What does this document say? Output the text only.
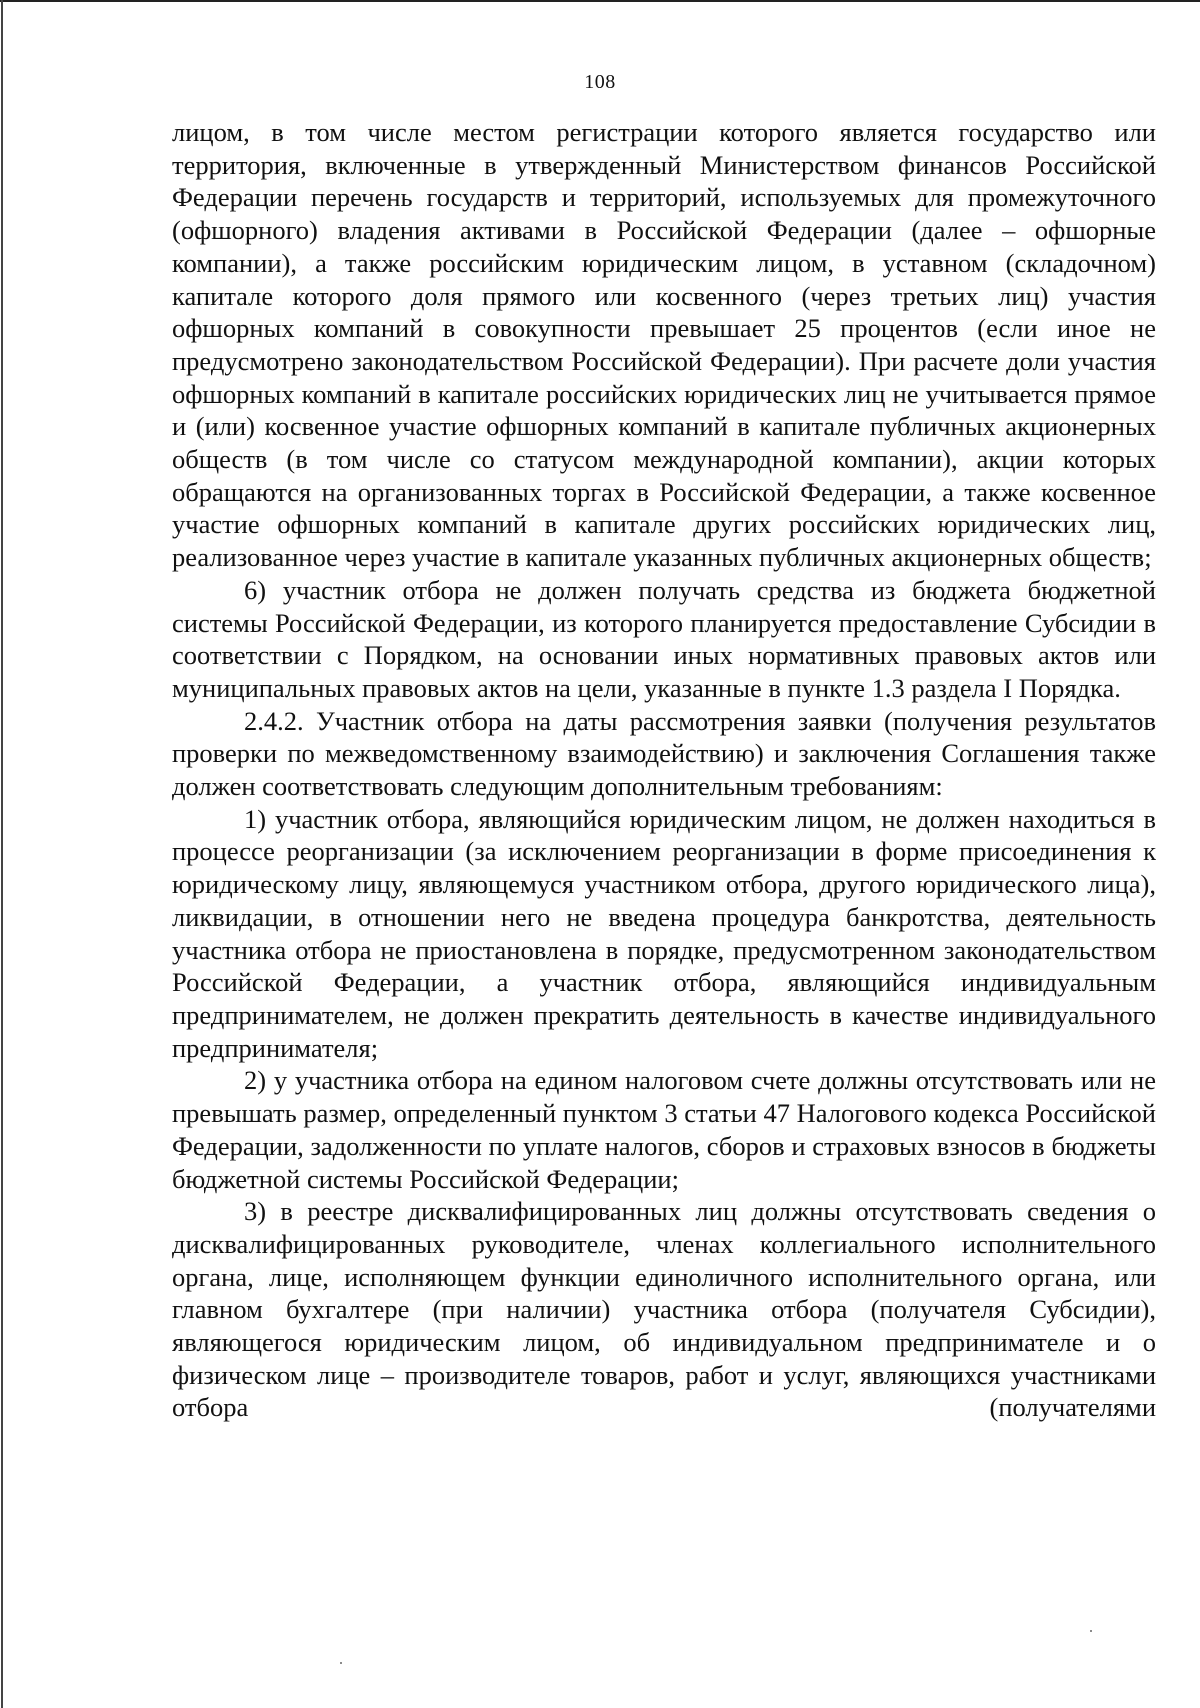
108

лицом, в том числе местом регистрации которого является государство или территория, включенные в утвержденный Министерством финансов Российской Федерации перечень государств и территорий, используемых для промежуточного (офшорного) владения активами в Российской Федерации (далее – офшорные компании), а также российским юридическим лицом, в уставном (складочном) капитале которого доля прямого или косвенного (через третьих лиц) участия офшорных компаний в совокупности превышает 25 процентов (если иное не предусмотрено законодательством Российской Федерации). При расчете доли участия офшорных компаний в капитале российских юридических лиц не учитывается прямое и (или) косвенное участие офшорных компаний в капитале публичных акционерных обществ (в том числе со статусом международной компании), акции которых обращаются на организованных торгах в Российской Федерации, а также косвенное участие офшорных компаний в капитале других российских юридических лиц, реализованное через участие в капитале указанных публичных акционерных обществ;

6) участник отбора не должен получать средства из бюджета бюджетной системы Российской Федерации, из которого планируется предоставление Субсидии в соответствии с Порядком, на основании иных нормативных правовых актов или муниципальных правовых актов на цели, указанные в пункте 1.3 раздела I Порядка.

2.4.2. Участник отбора на даты рассмотрения заявки (получения результатов проверки по межведомственному взаимодействию) и заключения Соглашения также должен соответствовать следующим дополнительным требованиям:

1) участник отбора, являющийся юридическим лицом, не должен находиться в процессе реорганизации (за исключением реорганизации в форме присоединения к юридическому лицу, являющемуся участником отбора, другого юридического лица), ликвидации, в отношении него не введена процедура банкротства, деятельность участника отбора не приостановлена в порядке, предусмотренном законодательством Российской Федерации, а участник отбора, являющийся индивидуальным предпринимателем, не должен прекратить деятельность в качестве индивидуального предпринимателя;

2) у участника отбора на едином налоговом счете должны отсутствовать или не превышать размер, определенный пунктом 3 статьи 47 Налогового кодекса Российской Федерации, задолженности по уплате налогов, сборов и страховых взносов в бюджеты бюджетной системы Российской Федерации;

3) в реестре дисквалифицированных лиц должны отсутствовать сведения о дисквалифицированных руководителе, членах коллегиального исполнительного органа, лице, исполняющем функции единоличного исполнительного органа, или главном бухгалтере (при наличии) участника отбора (получателя Субсидии), являющегося юридическим лицом, об индивидуальном предпринимателе и о физическом лице – производителе товаров, работ и услуг, являющихся участниками отбора (получателями
